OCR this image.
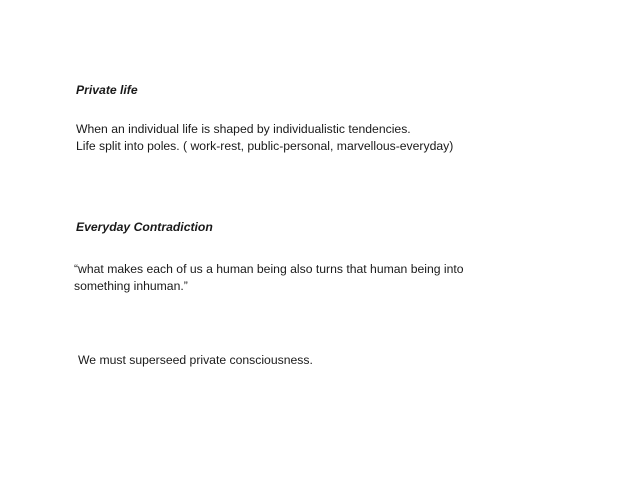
Private life
When an individual life is shaped by individualistic tendencies.
Life split into poles. ( work-rest, public-personal, marvellous-everyday)
Everyday Contradiction
“what makes each of us a human being also turns that human being into
something inhuman.”
We must superseed private consciousness.
